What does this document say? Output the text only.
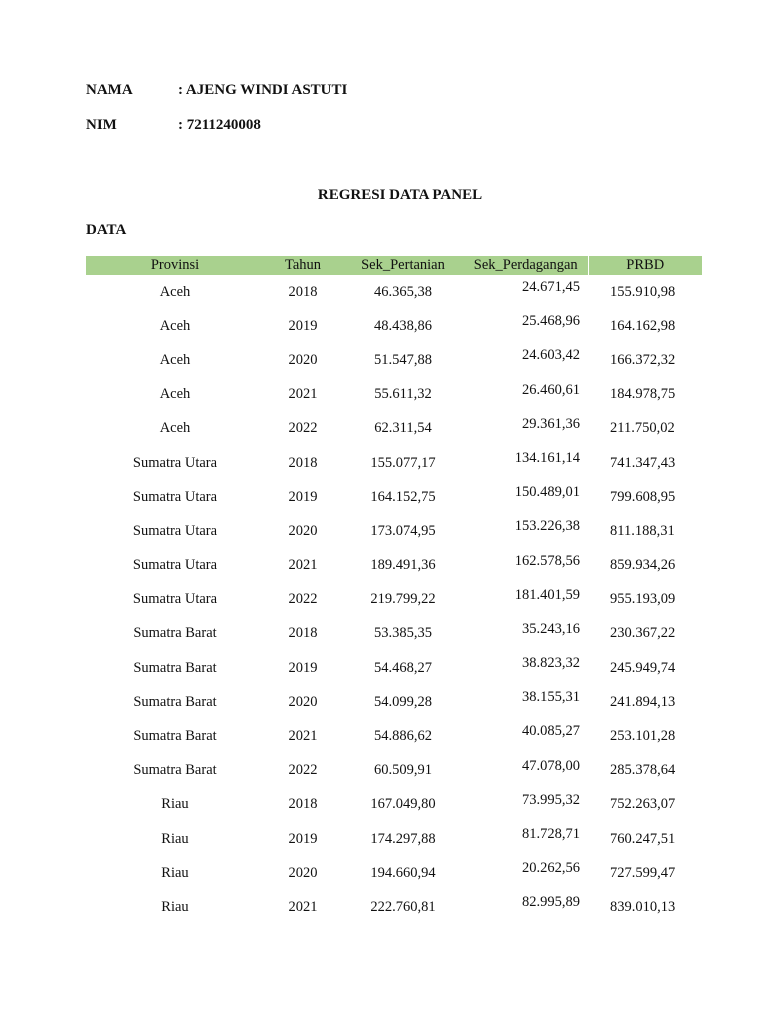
NAMA	: AJENG WINDI ASTUTI
NIM	: 7211240008
REGRESI DATA PANEL
DATA
Provinsi	Tahun	Sek_Pertanian	Sek_Perdagangan	PRBD
Aceh	2018	46.365,38	24.671,45	155.910,98
Aceh	2019	48.438,86	25.468,96	164.162,98
Aceh	2020	51.547,88	24.603,42	166.372,32
Aceh	2021	55.611,32	26.460,61	184.978,75
Aceh	2022	62.311,54	29.361,36	211.750,02
Sumatra Utara	2018	155.077,17	134.161,14	741.347,43
Sumatra Utara	2019	164.152,75	150.489,01	799.608,95
Sumatra Utara	2020	173.074,95	153.226,38	811.188,31
Sumatra Utara	2021	189.491,36	162.578,56	859.934,26
Sumatra Utara	2022	219.799,22	181.401,59	955.193,09
Sumatra Barat	2018	53.385,35	35.243,16	230.367,22
Sumatra Barat	2019	54.468,27	38.823,32	245.949,74
Sumatra Barat	2020	54.099,28	38.155,31	241.894,13
Sumatra Barat	2021	54.886,62	40.085,27	253.101,28
Sumatra Barat	2022	60.509,91	47.078,00	285.378,64
Riau	2018	167.049,80	73.995,32	752.263,07
Riau	2019	174.297,88	81.728,71	760.247,51
Riau	2020	194.660,94	20.262,56	727.599,47
Riau	2021	222.760,81	82.995,89	839.010,13
